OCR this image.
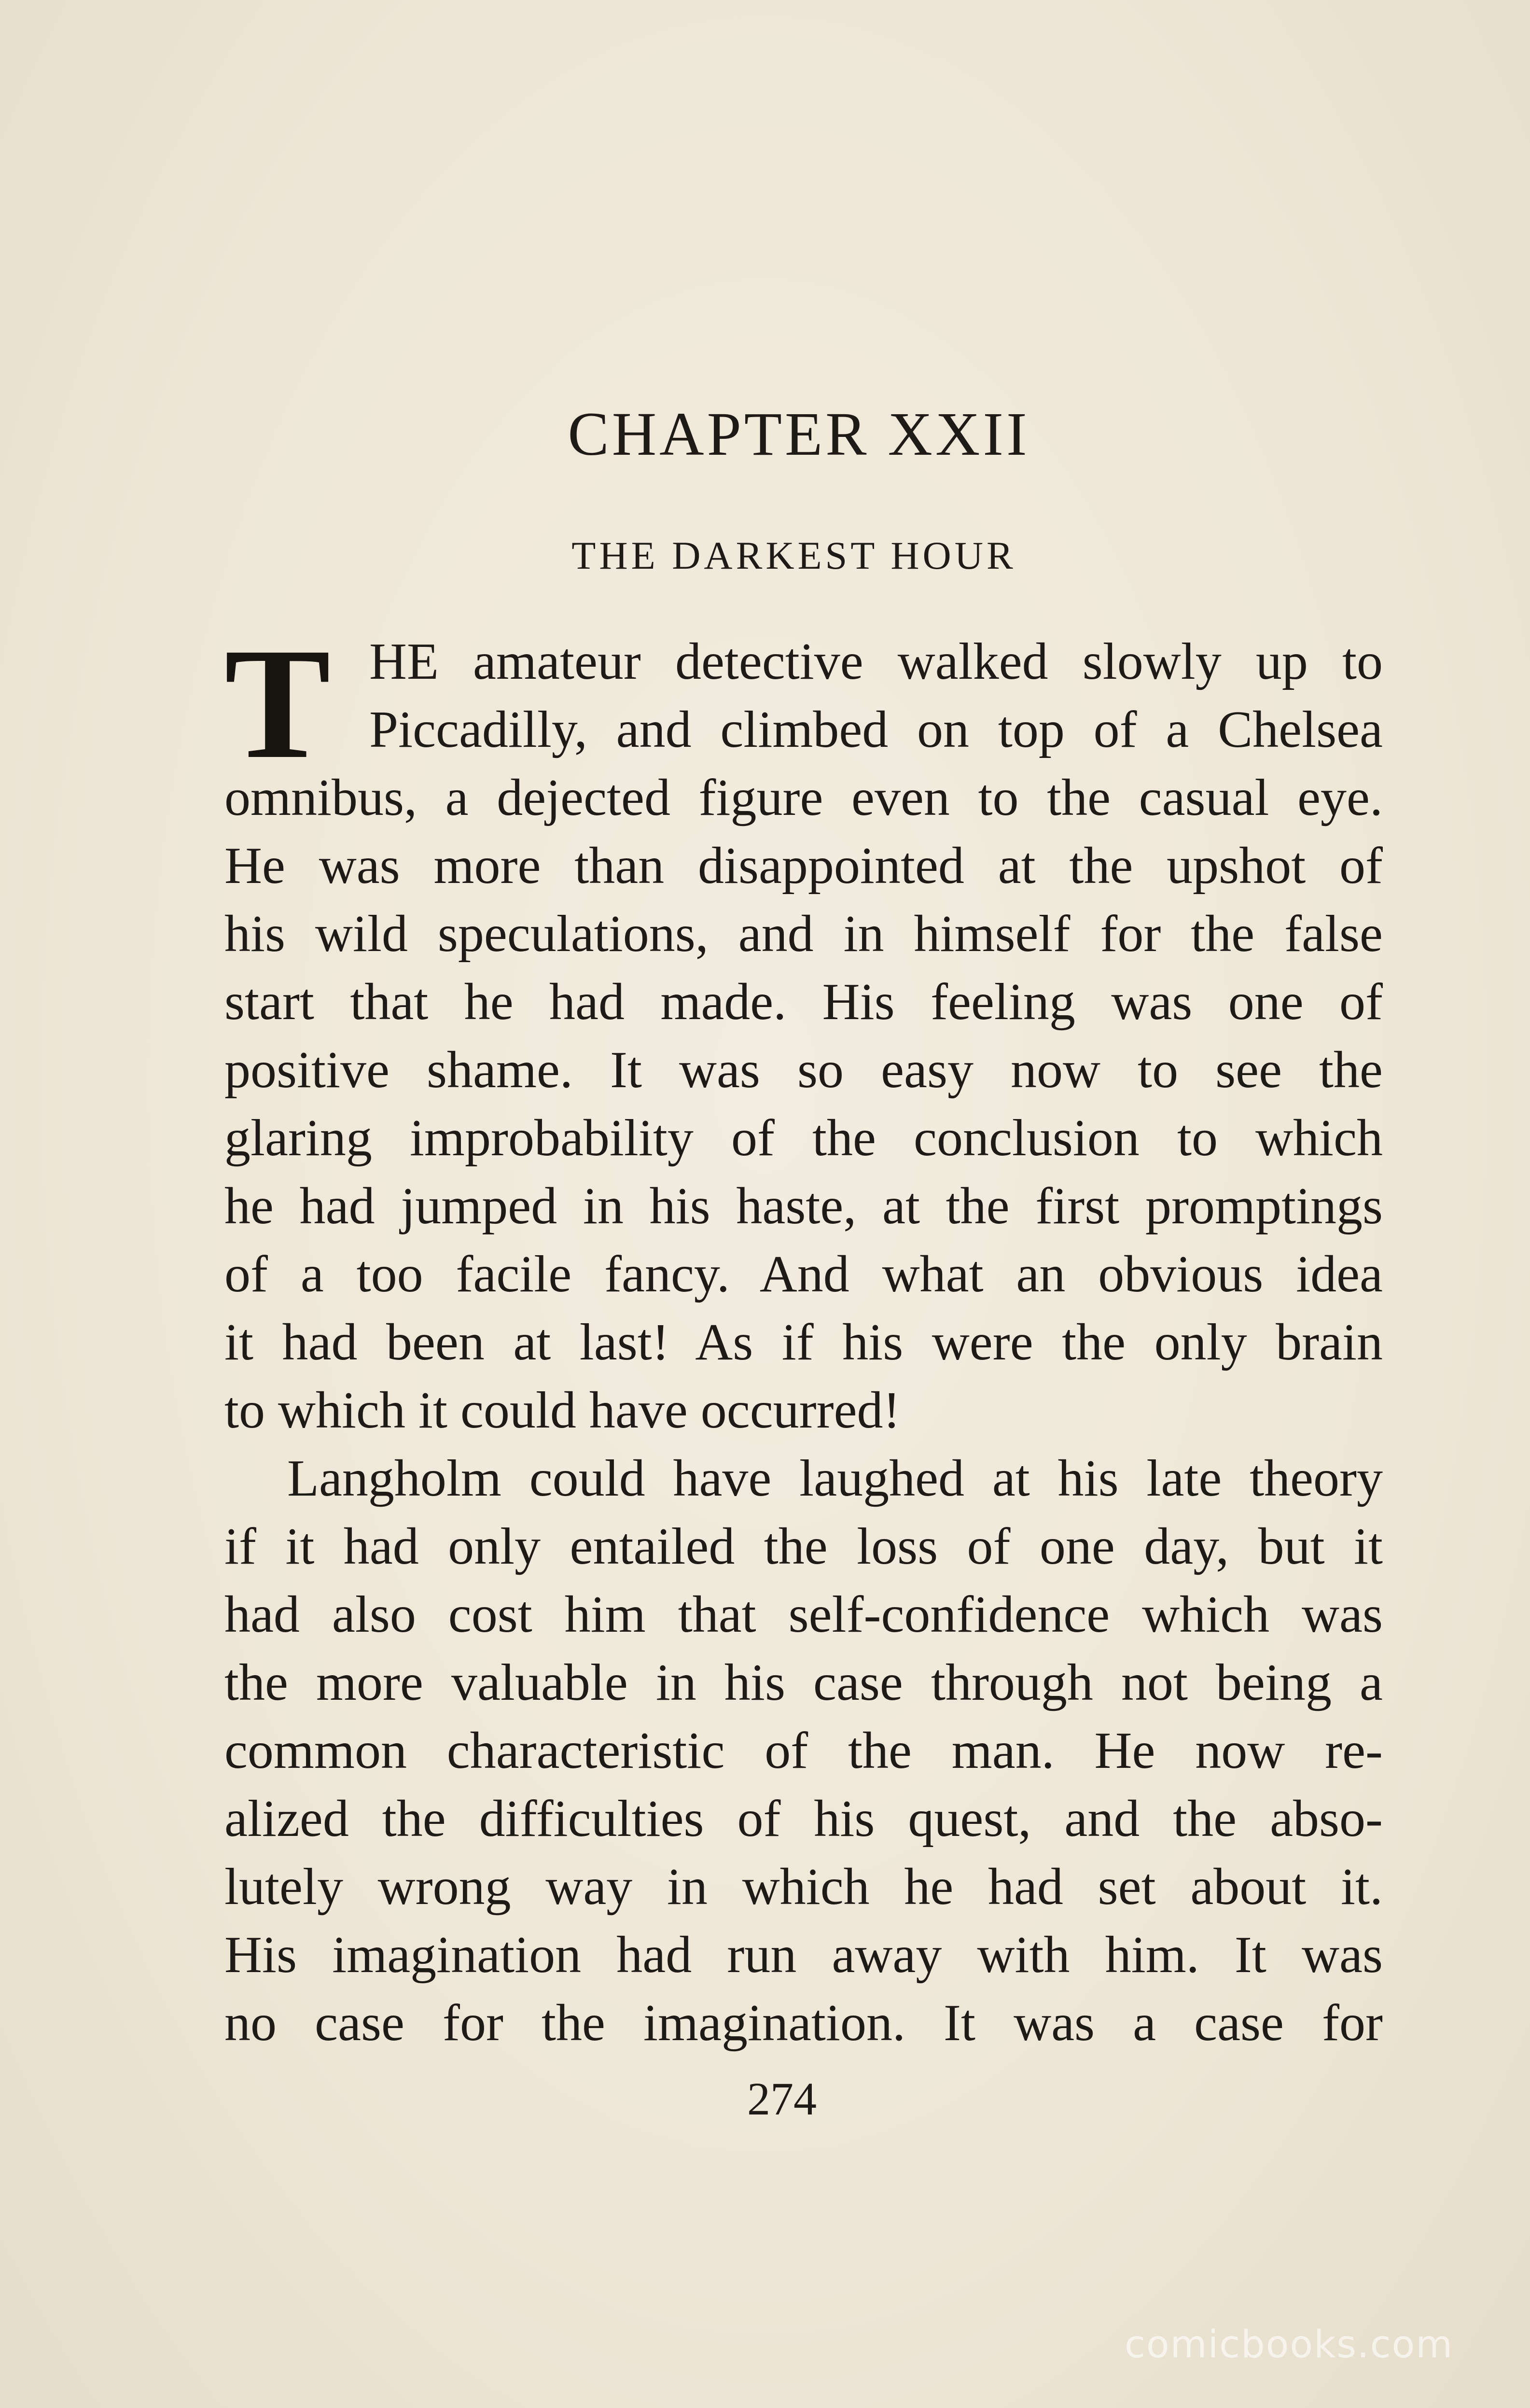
CHAPTER XXII
THE DARKEST HOUR
T HE amateur detective walked slowly up to
Piccadilly, and climbed on top of a Chelsea
omnibus, a dejected figure even to the casual eye.
He was more than disappointed at the upshot of
his wild speculations, and in himself for the false
start that he had made. His feeling was one of
positive shame. It was so easy now to see the
glaring improbability of the conclusion to which
he had jumped in his haste, at the first promptings
of a too facile fancy. And what an obvious idea
it had been at last! As if his were the only brain
to which it could have occurred!
Langholm could have laughed at his late theory
if it had only entailed the loss of one day, but it
had also cost him that self-confidence which was
the more valuable in his case through not being a
common characteristic of the man. He now re-
alized the difficulties of his quest, and the abso-
lutely wrong way in which he had set about it.
His imagination had run away with him. It was
no case for the imagination. It was a case for
274
comicbooks.com
